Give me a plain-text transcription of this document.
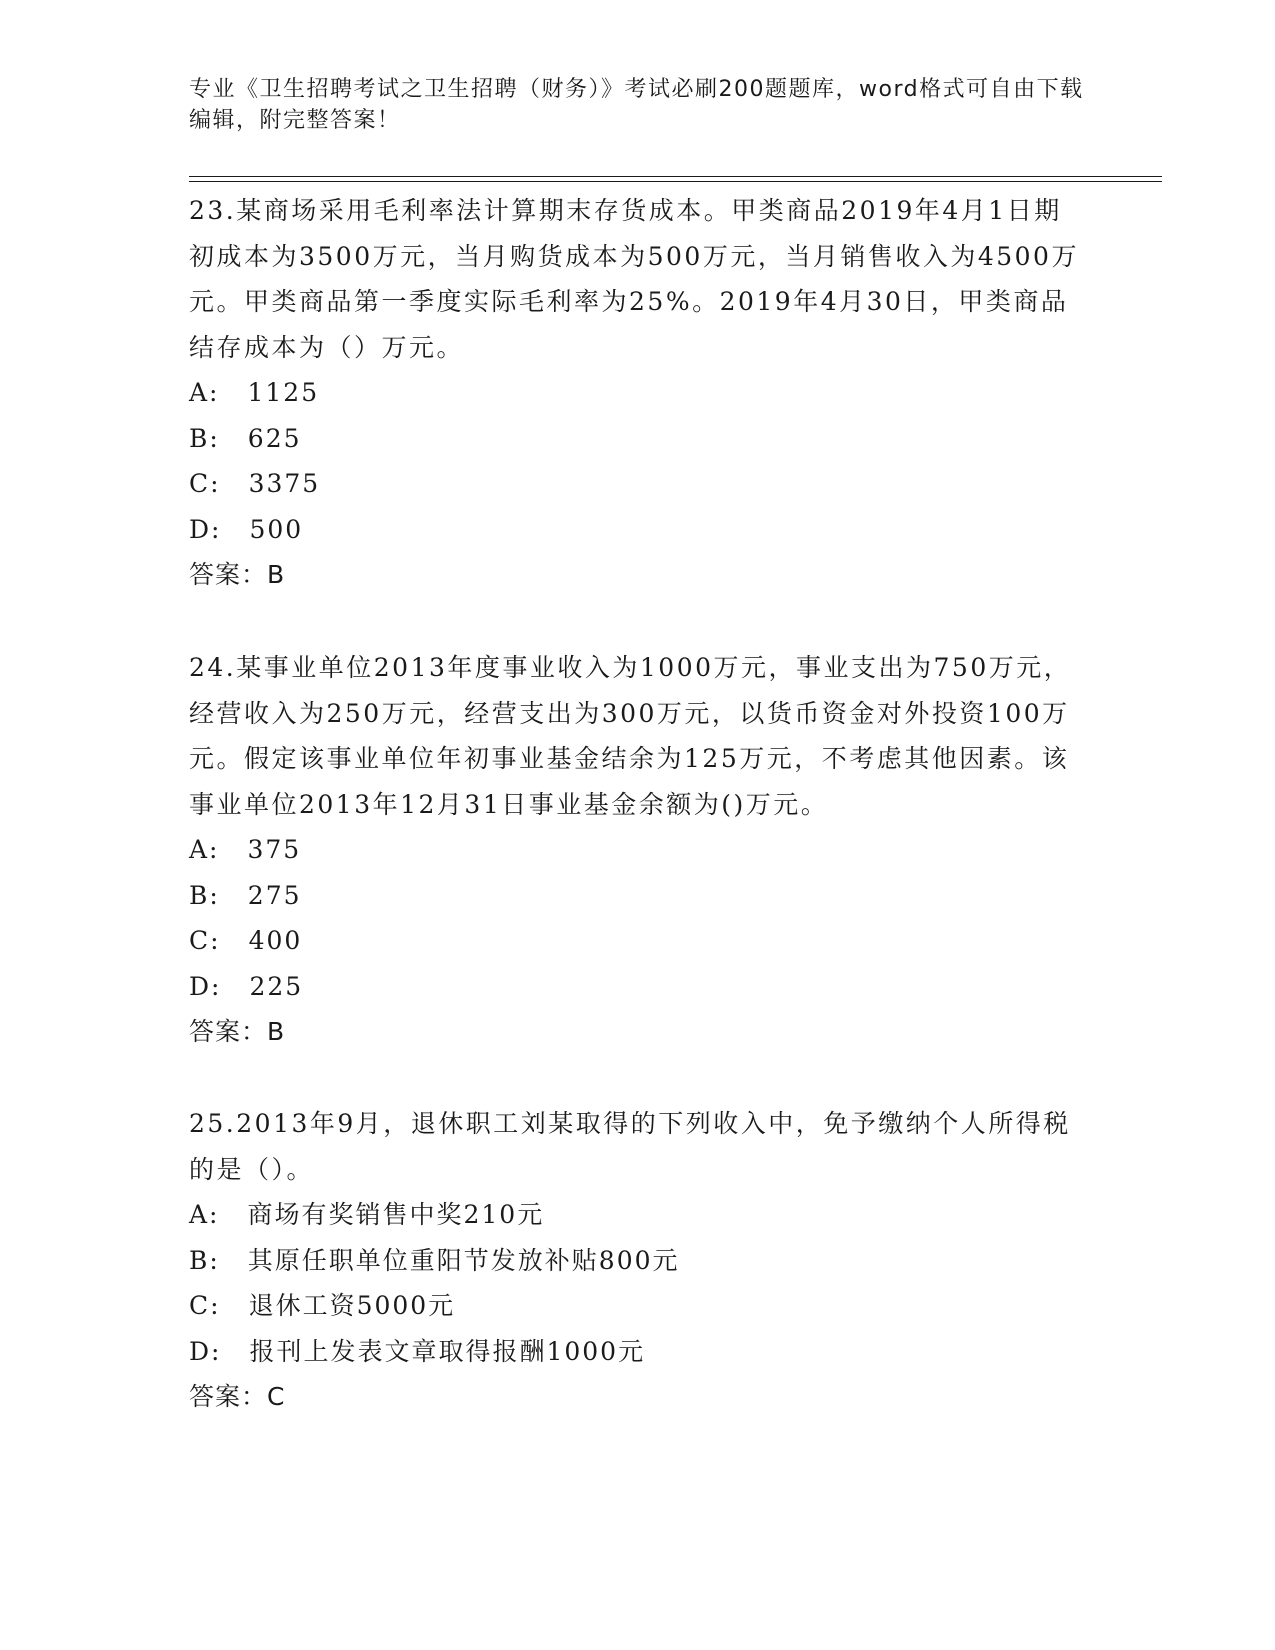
专业《卫生招聘考试之卫生招聘（财务）》考试必刷200题题库，word格式可自由下载编辑，附完整答案！

23.某商场采用毛利率法计算期末存货成本。甲类商品2019年4月1日期初成本为3500万元，当月购货成本为500万元，当月销售收入为4500万元。甲类商品第一季度实际毛利率为25%。2019年4月30日，甲类商品结存成本为（）万元。

A: 1125

B: 625

C: 3375

D: 500

答案： B

24.某事业单位2013年度事业收入为1000万元，事业支出为750万元，经营收入为250万元，经营支出为300万元，以货币资金对外投资100万元。假定该事业单位年初事业基金结余为125万元，不考虑其他因素。该事业单位2013年12月31日事业基金余额为()万元。

A: 375

B: 275

C: 400

D: 225

答案： B

25.2013年9月，退休职工刘某取得的下列收入中，免予缴纳个人所得税的是（）。

A: 商场有奖销售中奖210元

B: 其原任职单位重阳节发放补贴800元

C: 退休工资5000元

D: 报刊上发表文章取得报酬1000元

答案： C
